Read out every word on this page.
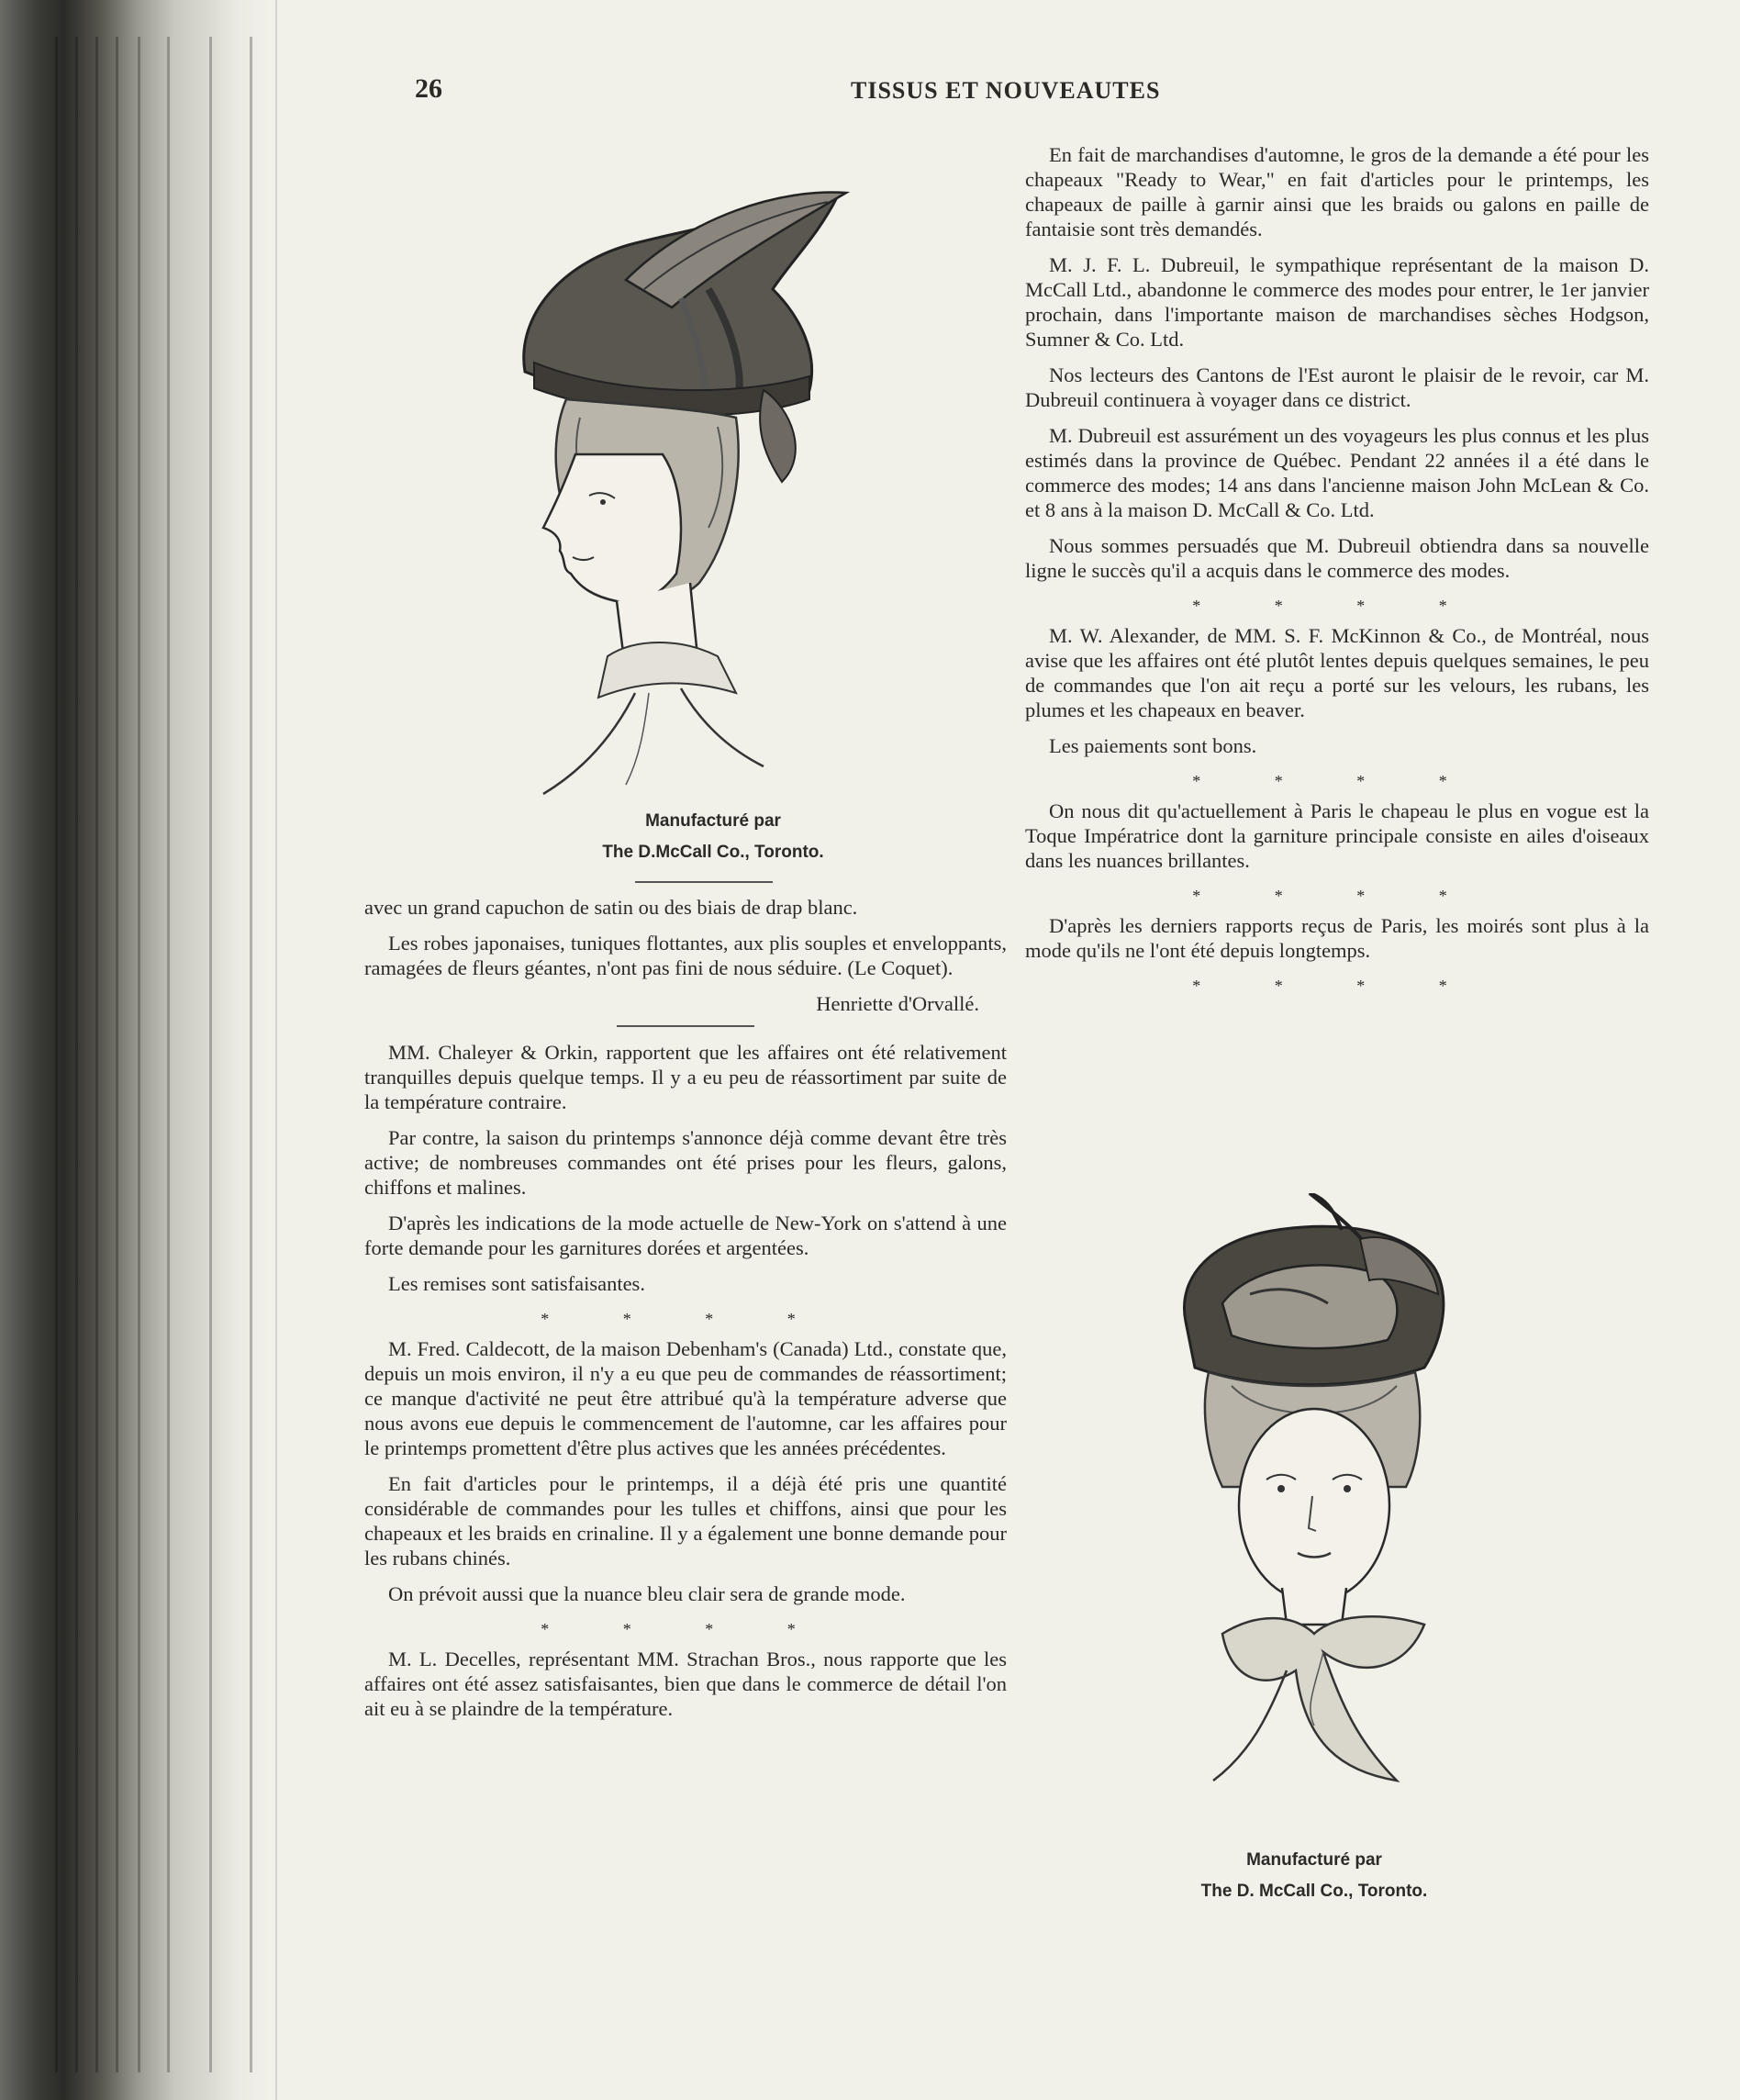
26	TISSUS ET NOUVEAUTES
Manufacturé par
The D.McCall Co., Toronto.

avec un grand capuchon de satin ou des biais de drap blanc.

Les robes japonaises, tuniques flottantes, aux plis souples et enveloppants, ramagées de fleurs géantes, n'ont pas fini de nous séduire. (Le Coquet).

Henriette d'Orvallé.

MM. Chaleyer & Orkin, rapportent que les affaires ont été relativement tranquilles depuis quelque temps. Il y a eu peu de réassortiment par suite de la température contraire.

Par contre, la saison du printemps s'annonce déjà comme devant être très active; de nombreuses commandes ont été prises pour les fleurs, galons, chiffons et malines.

D'après les indications de la mode actuelle de New-York on s'attend à une forte demande pour les garnitures dorées et argentées.

Les remises sont satisfaisantes.

* * * *

M. Fred. Caldecott, de la maison Debenham's (Canada) Ltd., constate que, depuis un mois environ, il n'y a eu que peu de commandes de réassortiment; ce manque d'activité ne peut être attribué qu'à la température adverse que nous avons eue depuis le commencement de l'automne, car les affaires pour le printemps promettent d'être plus actives que les années précédentes.

En fait d'articles pour le printemps, il a déjà été pris une quantité considérable de commandes pour les tulles et chiffons, ainsi que pour les chapeaux et les braids en crinaline. Il y a également une bonne demande pour les rubans chinés.

On prévoit aussi que la nuance bleu clair sera de grande mode.

* * * *

M. L. Decelles, représentant MM. Strachan Bros., nous rapporte que les affaires ont été assez satisfaisantes, bien que dans le commerce de détail l'on ait eu à se plaindre de la température.

En fait de marchandises d'automne, le gros de la demande a été pour les chapeaux "Ready to Wear," en fait d'articles pour le printemps, les chapeaux de paille à garnir ainsi que les braids ou galons en paille de fantaisie sont très demandés.

M. J. F. L. Dubreuil, le sympathique représentant de la maison D. McCall Ltd., abandonne le commerce des modes pour entrer, le 1er janvier prochain, dans l'importante maison de marchandises sèches Hodgson, Sumner & Co. Ltd.

Nos lecteurs des Cantons de l'Est auront le plaisir de le revoir, car M. Dubreuil continuera à voyager dans ce district.

M. Dubreuil est assurément un des voyageurs les plus connus et les plus estimés dans la province de Québec. Pendant 22 années il a été dans le commerce des modes; 14 ans dans l'ancienne maison John McLean & Co. et 8 ans à la maison D. McCall & Co. Ltd.

Nous sommes persuadés que M. Dubreuil obtiendra dans sa nouvelle ligne le succès qu'il a acquis dans le commerce des modes.

* * * *

M. W. Alexander, de MM. S. F. McKinnon & Co., de Montréal, nous avise que les affaires ont été plutôt lentes depuis quelques semaines, le peu de commandes que l'on ait reçu a porté sur les velours, les rubans, les plumes et les chapeaux en beaver.

Les paiements sont bons.

* * * *

On nous dit qu'actuellement à Paris le chapeau le plus en vogue est la Toque Impératrice dont la garniture principale consiste en ailes d'oiseaux dans les nuances brillantes.

* * * *

D'après les derniers rapports reçus de Paris, les moirés sont plus à la mode qu'ils ne l'ont été depuis longtemps.

* * * *
Manufacturé par
The D. McCall Co., Toronto.
